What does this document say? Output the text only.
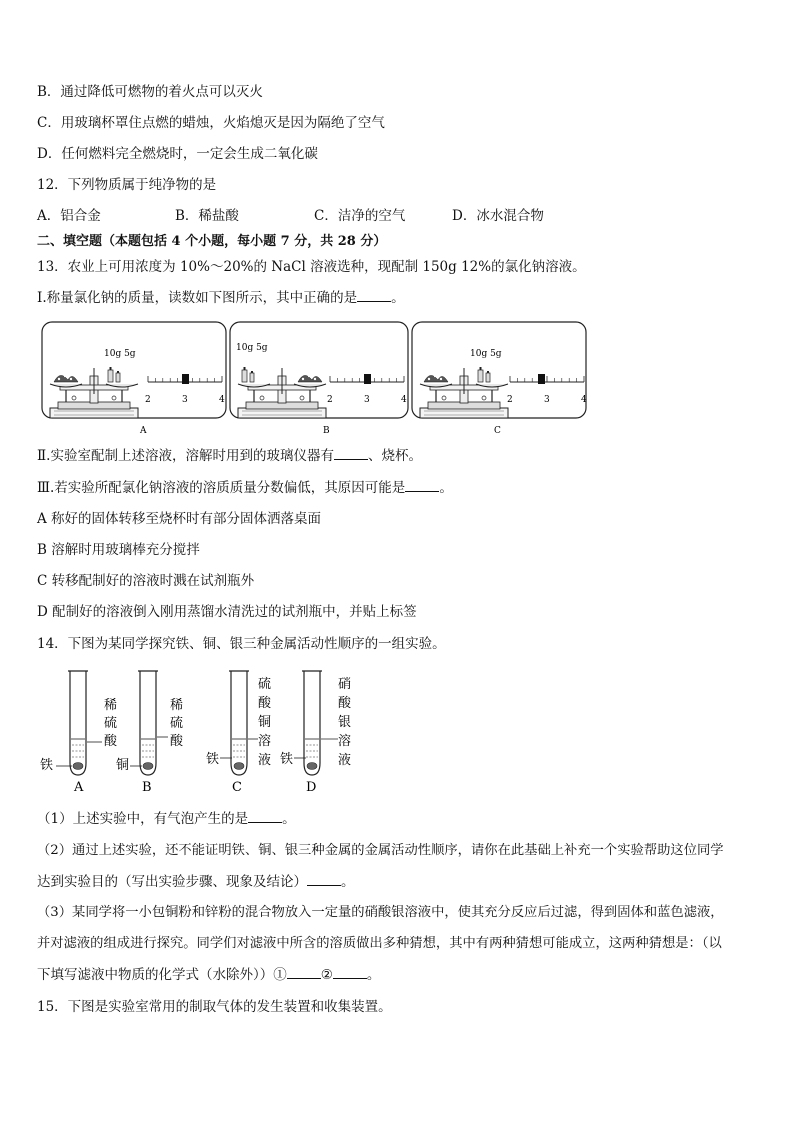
B．通过降低可燃物的着火点可以灭火
C．用玻璃杯罩住点燃的蜡烛，火焰熄灭是因为隔绝了空气
D．任何燃料完全燃烧时，一定会生成二氧化碳
12．下列物质属于纯净物的是
A．铝合金	B．稀盐酸	C．洁净的空气	D．冰水混合物
二、填空题（本题包括 4 个小题，每小题 7 分，共 28 分）
13．农业上可用浓度为 10%～20%的 NaCl 溶液选种，现配制 150g 12%的氯化钠溶液。
Ⅰ.称量氯化钠的质量，读数如下图所示，其中正确的是	。
10g 5g
2	3	4
A
10g 5g
2	3	4
B
10g 5g
2	3	4
C
Ⅱ.实验室配制上述溶液，溶解时用到的玻璃仪器有	、烧杯。
Ⅲ.若实验所配氯化钠溶液的溶质质量分数偏低，其原因可能是	。
A 称好的固体转移至烧杯时有部分固体洒落桌面
B 溶解时用玻璃棒充分搅拌
C 转移配制好的溶液时溅在试剂瓶外
D 配制好的溶液倒入刚用蒸馏水清洗过的试剂瓶中，并贴上标签
14．下图为某同学探究铁、铜、银三种金属活动性顺序的一组实验。
铁
稀
硫
酸
A
铜
稀
硫
酸
B
铁
硫
酸
铜
溶
液
C
铁
硝
酸
银
溶
液
D
（1）上述实验中，有气泡产生的是	。
（2）通过上述实验，还不能证明铁、铜、银三种金属的金属活动性顺序，请你在此基础上补充一个实验帮助这位同学
达到实验目的（写出实验步骤、现象及结论）	。
（3）某同学将一小包铜粉和锌粉的混合物放入一定量的硝酸银溶液中，使其充分反应后过滤，得到固体和蓝色滤液，
并对滤液的组成进行探究。同学们对滤液中所含的溶质做出多种猜想，其中有两种猜想可能成立，这两种猜想是：（以
下填写滤液中物质的化学式（水除外））①	②	。
15．下图是实验室常用的制取气体的发生装置和收集装置。
